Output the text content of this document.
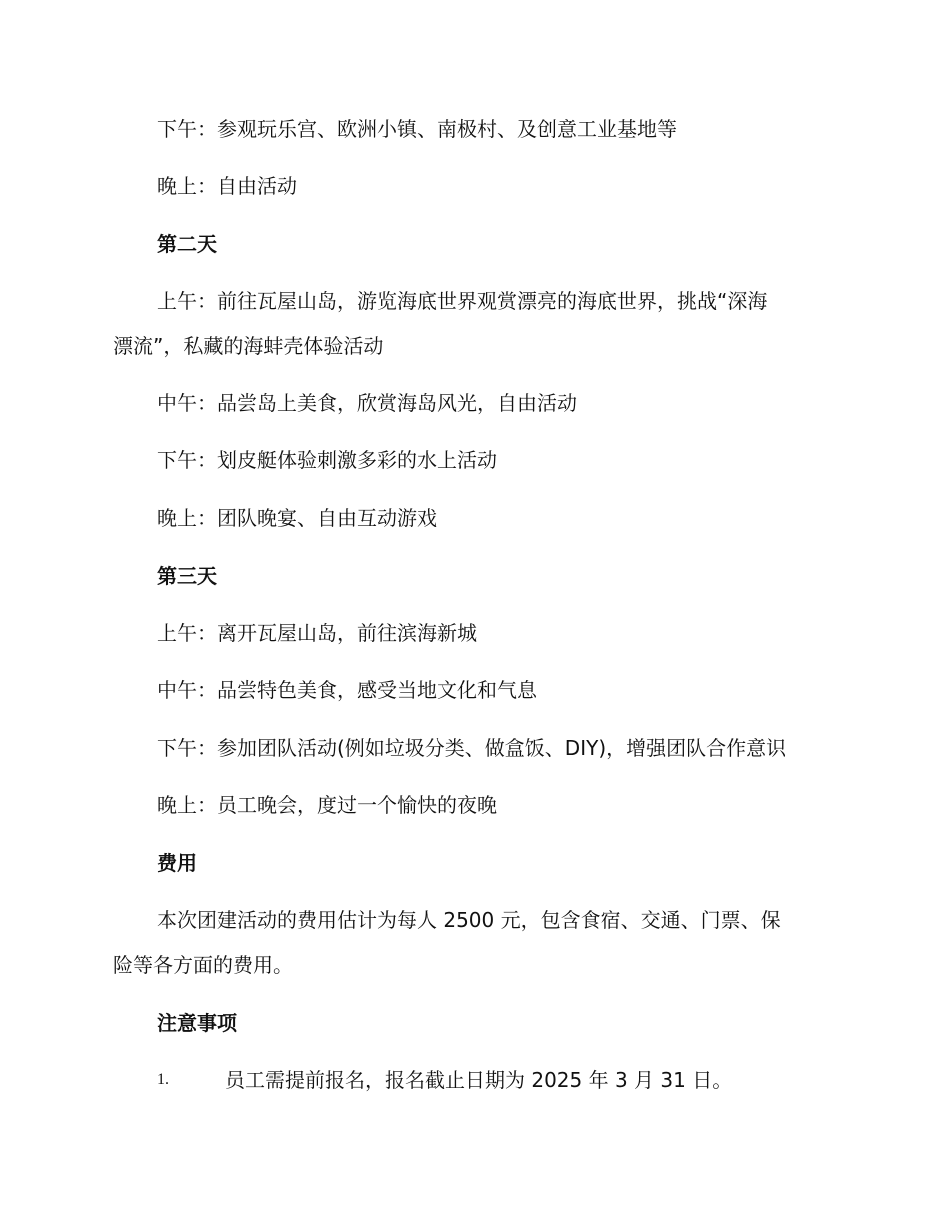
下午：参观玩乐宫、欧洲小镇、南极村、及创意工业基地等
晚上：自由活动
第二天
上午：前往瓦屋山岛，游览海底世界观赏漂亮的海底世界，挑战“深海
漂流”，私藏的海蚌壳体验活动
中午：品尝岛上美食，欣赏海岛风光，自由活动
下午：划皮艇体验刺激多彩的水上活动
晚上：团队晚宴、自由互动游戏
第三天
上午：离开瓦屋山岛，前往滨海新城
中午：品尝特色美食，感受当地文化和气息
下午：参加团队活动(例如垃圾分类、做盒饭、DIY)，增强团队合作意识
晚上：员工晚会，度过一个愉快的夜晚
费用
本次团建活动的费用估计为每人 2500 元，包含食宿、交通、门票、保
险等各方面的费用。
注意事项
1.	员工需提前报名，报名截止日期为 2025 年 3 月 31 日。
